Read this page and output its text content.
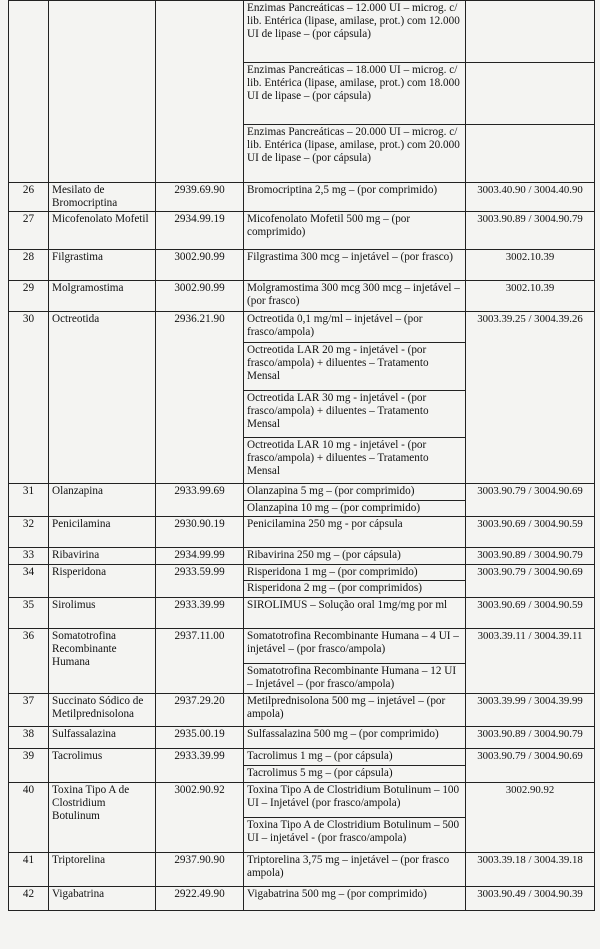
			Enzimas Pancreáticas – 12.000 UI – microg. c/ lib. Entérica (lipase, amilase, prot.) com 12.000 UI de lipase – (por cápsula)	
			Enzimas Pancreáticas – 18.000 UI – microg. c/ lib. Entérica (lipase, amilase, prot.) com 18.000 UI de lipase – (por cápsula)	
			Enzimas Pancreáticas – 20.000 UI – microg. c/ lib. Entérica (lipase, amilase, prot.) com 20.000 UI de lipase – (por cápsula)	
26	Mesilato de Bromocriptina	2939.69.90	Bromocriptina 2,5 mg – (por comprimido)	3003.40.90 / 3004.40.90
27	Micofenolato Mofetil	2934.99.19	Micofenolato Mofetil 500 mg – (por comprimido)	3003.90.89 / 3004.90.79
28	Filgrastima	3002.90.99	Filgrastima 300 mcg – injetável – (por frasco)	3002.10.39
29	Molgramostima	3002.90.99	Molgramostima 300 mcg 300 mcg – injetável – (por frasco)	3002.10.39
30	Octreotida	2936.21.90	Octreotida 0,1 mg/ml – injetável – (por frasco/ampola)	3003.39.25 / 3004.39.26
			Octreotida LAR 20 mg - injetável - (por frasco/ampola) + diluentes – Tratamento Mensal	
			Octreotida LAR 30 mg - injetável - (por frasco/ampola) + diluentes – Tratamento Mensal	
			Octreotida LAR 10 mg - injetável - (por frasco/ampola) + diluentes – Tratamento Mensal	
31	Olanzapina	2933.99.69	Olanzapina 5 mg – (por comprimido)	3003.90.79 / 3004.90.69
			Olanzapina 10 mg – (por comprimido)	
32	Penicilamina	2930.90.19	Penicilamina 250 mg - por cápsula	3003.90.69 / 3004.90.59
33	Ribavirina	2934.99.99	Ribavirina 250 mg – (por cápsula)	3003.90.89 / 3004.90.79
34	Risperidona	2933.59.99	Risperidona 1 mg – (por comprimido)	3003.90.79 / 3004.90.69
			Risperidona 2 mg – (por comprimidos)	
35	Sirolimus	2933.39.99	SIROLIMUS – Solução oral 1mg/mg por ml	3003.90.69 / 3004.90.59
36	Somatotrofina Recombinante Humana	2937.11.00	Somatotrofina Recombinante Humana – 4 UI – injetável – (por frasco/ampola)	3003.39.11 / 3004.39.11
			Somatotrofina Recombinante Humana – 12 UI – Injetável – (por frasco/ampola)	
37	Succinato Sódico de Metilprednisolona	2937.29.20	Metilprednisolona 500 mg – injetável – (por ampola)	3003.39.99 / 3004.39.99
38	Sulfassalazina	2935.00.19	Sulfassalazina 500 mg – (por comprimido)	3003.90.89 / 3004.90.79
39	Tacrolimus	2933.39.99	Tacrolimus 1 mg – (por cápsula)	3003.90.79 / 3004.90.69
			Tacrolimus 5 mg – (por cápsula)	
40	Toxina Tipo A de Clostridium Botulinum	3002.90.92	Toxina Tipo A de Clostridium Botulinum – 100 UI – Injetável (por frasco/ampola)	3002.90.92
			Toxina Tipo A de Clostridium Botulinum – 500 UI – injetável - (por frasco/ampola)	
41	Triptorelina	2937.90.90	Triptorelina 3,75 mg – injetável – (por frasco ampola)	3003.39.18 / 3004.39.18
42	Vigabatrina	2922.49.90	Vigabatrina 500 mg – (por comprimido)	3003.90.49 / 3004.90.39
